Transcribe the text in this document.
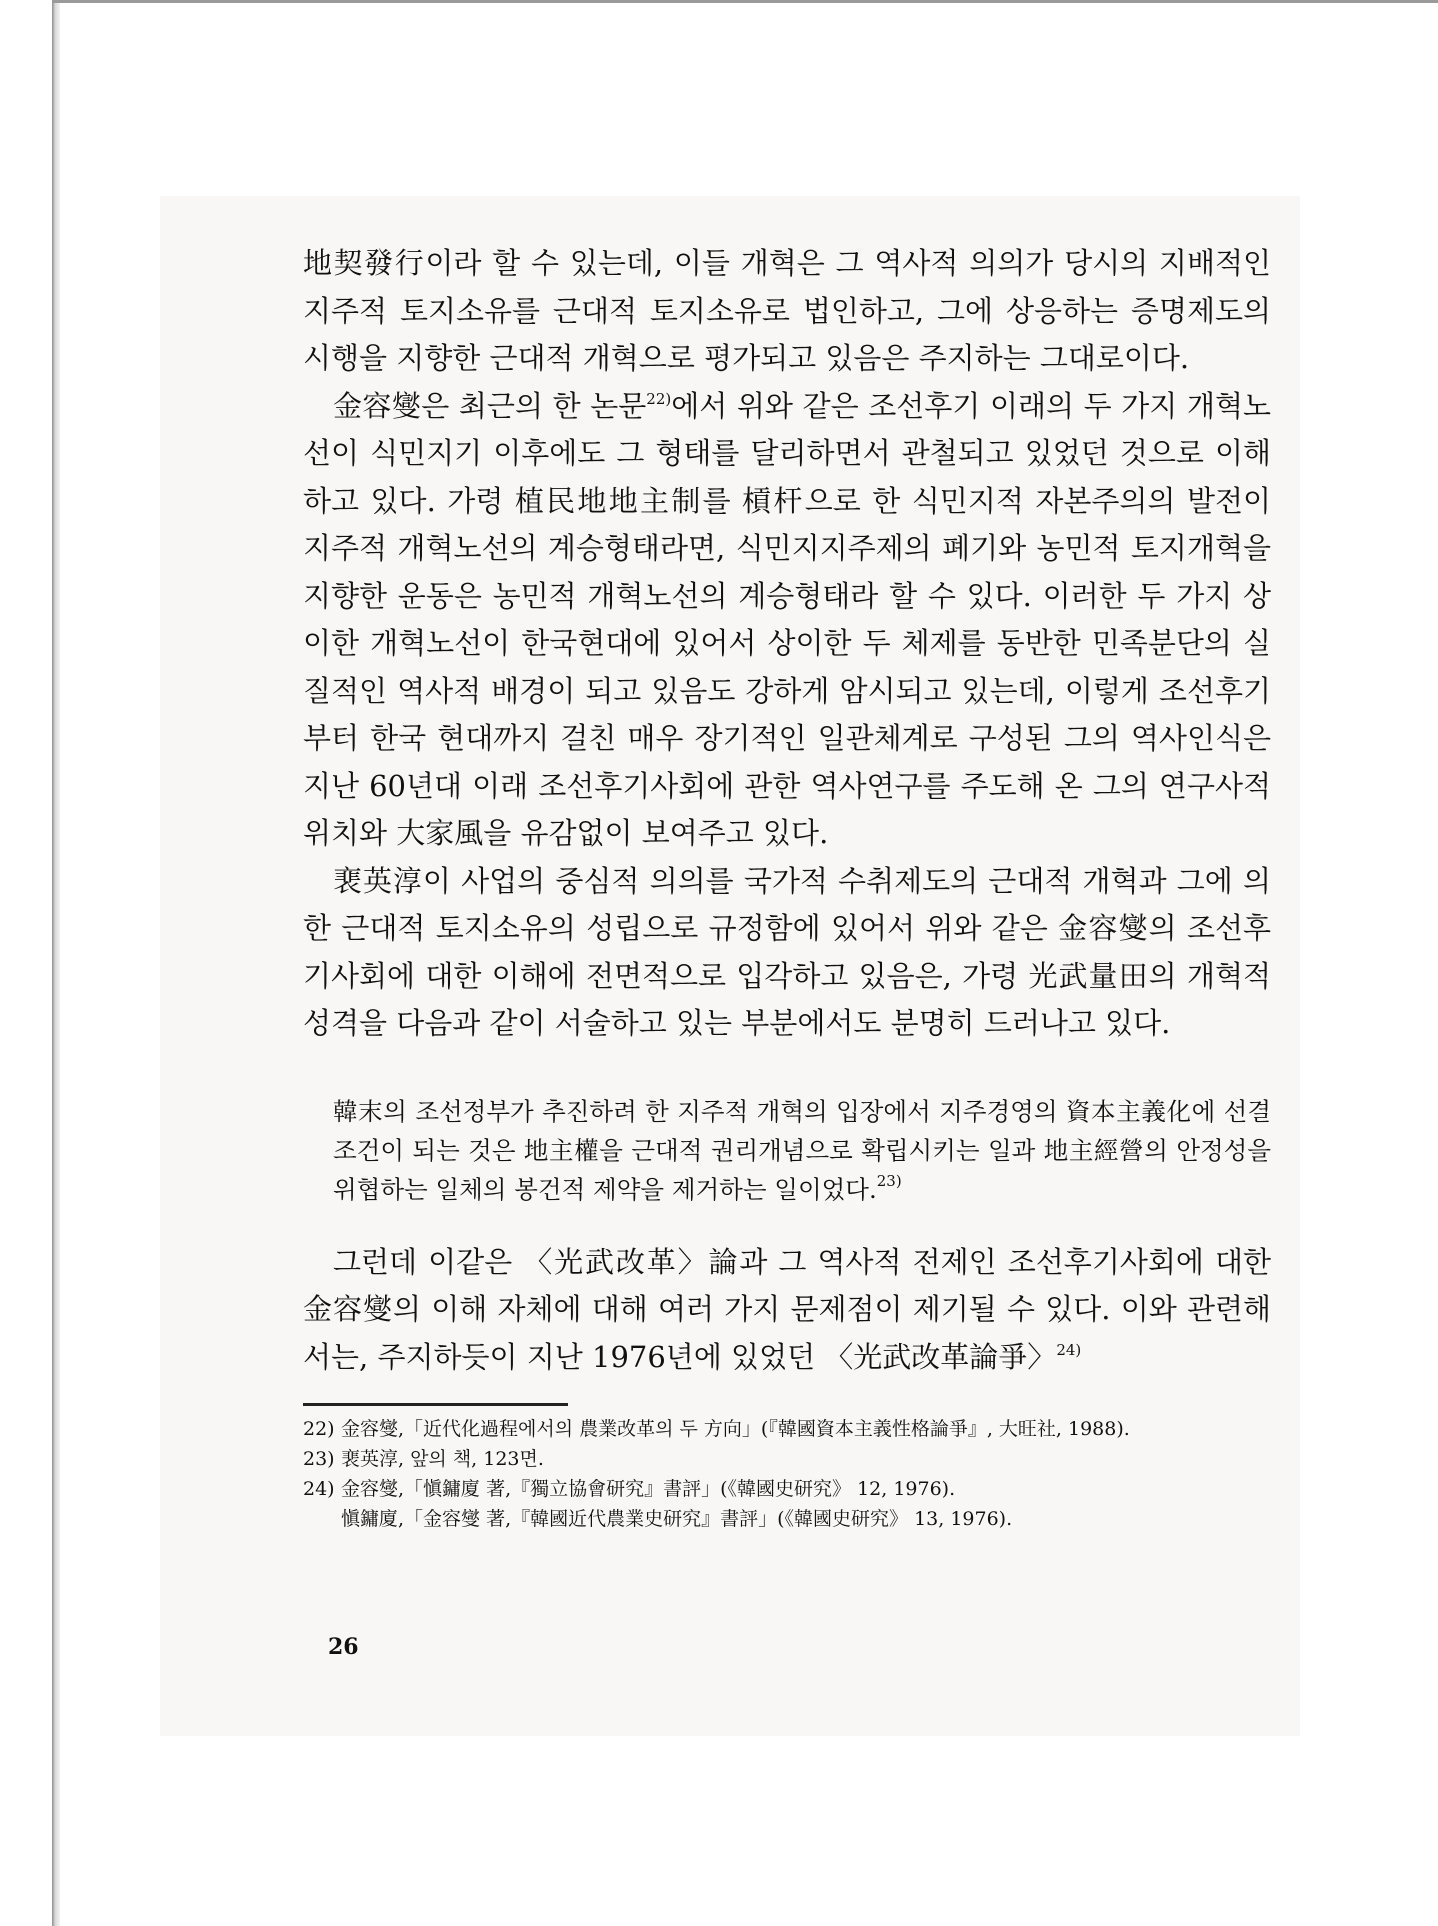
地契發行이라 할 수 있는데, 이들 개혁은 그 역사적 의의가 당시의 지배적인 지주적 토지소유를 근대적 토지소유로 법인하고, 그에 상응하는 증명제도의 시행을 지향한 근대적 개혁으로 평가되고 있음은 주지하는 그대로이다.

金容燮은 최근의 한 논문$^{22)}$에서 위와 같은 조선후기 이래의 두 가지 개혁노선이 식민지기 이후에도 그 형태를 달리하면서 관철되고 있었던 것으로 이해하고 있다. 가령 植民地地主制를 槓杆으로 한 식민지적 자본주의의 발전이 지주적 개혁노선의 계승형태라면, 식민지지주제의 폐기와 농민적 토지개혁을 지향한 운동은 농민적 개혁노선의 계승형태라 할 수 있다. 이러한 두 가지 상이한 개혁노선이 한국현대에 있어서 상이한 두 체제를 동반한 민족분단의 실질적인 역사적 배경이 되고 있음도 강하게 암시되고 있는데, 이렇게 조선후기부터 한국 현대까지 걸친 매우 장기적인 일관체계로 구성된 그의 역사인식은 지난 60년대 이래 조선후기사회에 관한 역사연구를 주도해 온 그의 연구사적 위치와 大家風을 유감없이 보여주고 있다.

裵英淳이 사업의 중심적 의의를 국가적 수취제도의 근대적 개혁과 그에 의한 근대적 토지소유의 성립으로 규정함에 있어서 위와 같은 金容燮의 조선후기사회에 대한 이해에 전면적으로 입각하고 있음은, 가령 光武量田의 개혁적 성격을 다음과 같이 서술하고 있는 부분에서도 분명히 드러나고 있다.

韓末의 조선정부가 추진하려 한 지주적 개혁의 입장에서 지주경영의 資本主義化에 선결조건이 되는 것은 地主權을 근대적 권리개념으로 확립시키는 일과 地主經營의 안정성을 위협하는 일체의 봉건적 제약을 제거하는 일이었다.$^{23)}$

그런데 이같은 〈光武改革〉論과 그 역사적 전제인 조선후기사회에 대한 金容燮의 이해 자체에 대해 여러 가지 문제점이 제기될 수 있다. 이와 관련해서는, 주지하듯이 지난 1976년에 있었던 〈光武改革論爭〉$^{24)}$

22) 金容燮,「近代化過程에서의 農業改革의 두 方向」(『韓國資本主義性格論爭』, 大旺社, 1988).
23) 裵英淳, 앞의 책, 123면.
24) 金容燮,「愼鏞廈 著,『獨立協會研究』書評」(《韓國史研究》 12, 1976).
愼鏞廈,「金容燮 著,『韓國近代農業史研究』書評」(《韓國史研究》 13, 1976).
26
